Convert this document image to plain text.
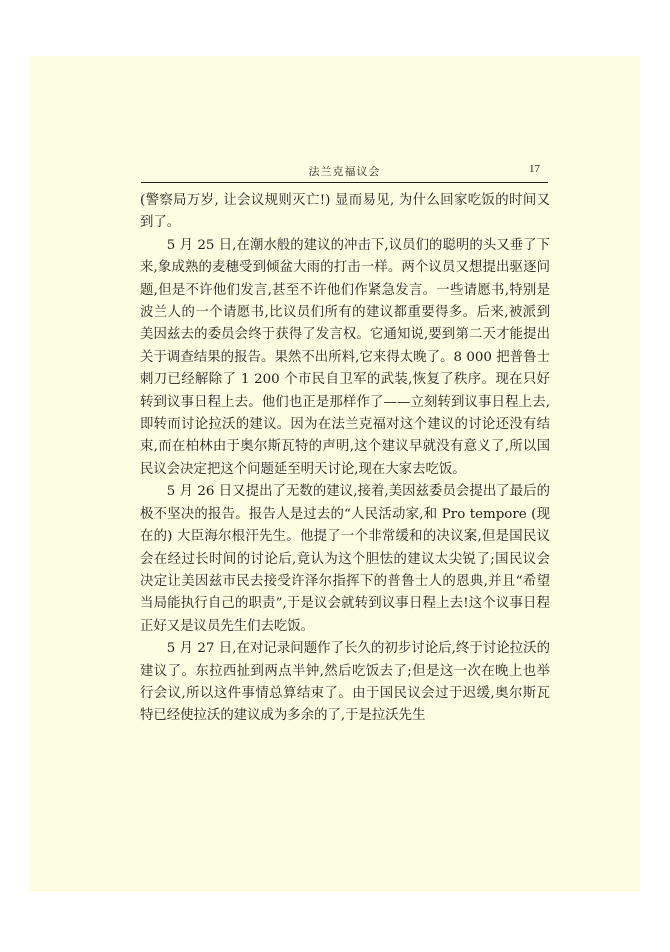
法兰克福议会	17

(警察局万岁, 让会议规则灭亡!) 显而易见, 为什么回家吃饭的时间又到了。

5 月 25 日,在潮水般的建议的冲击下,议员们的聪明的头又垂了下来,象成熟的麦穗受到倾盆大雨的打击一样。两个议员又想提出驱逐问题,但是不许他们发言,甚至不许他们作紧急发言。一些请愿书,特别是波兰人的一个请愿书,比议员们所有的建议都重要得多。后来,被派到美因兹去的委员会终于获得了发言权。它通知说,要到第二天才能提出关于调查结果的报告。果然不出所料,它来得太晚了。8 000 把普鲁士刺刀已经解除了 1 200 个市民自卫军的武装,恢复了秩序。现在只好转到议事日程上去。他们也正是那样作了——立刻转到议事日程上去,即转而讨论拉沃的建议。因为在法兰克福对这个建议的讨论还没有结束,而在柏林由于奥尔斯瓦特的声明,这个建议早就没有意义了,所以国民议会决定把这个问题延至明天讨论,现在大家去吃饭。

5 月 26 日又提出了无数的建议,接着,美因兹委员会提出了最后的极不坚决的报告。报告人是过去的“人民活动家,和 Pro tempore (现在的) 大臣海尔根汗先生。他提了一个非常缓和的决议案,但是国民议会在经过长时间的讨论后,竟认为这个胆怯的建议太尖锐了;国民议会决定让美因兹市民去接受许泽尔指挥下的普鲁士人的恩典,并且“希望当局能执行自己的职责”,于是议会就转到议事日程上去!这个议事日程正好又是议员先生们去吃饭。

5 月 27 日,在对记录问题作了长久的初步讨论后,终于讨论拉沃的建议了。东拉西扯到两点半钟,然后吃饭去了;但是这一次在晚上也举行会议,所以这件事情总算结束了。由于国民议会过于迟缓,奥尔斯瓦特已经使拉沃的建议成为多余的了,于是拉沃先生
